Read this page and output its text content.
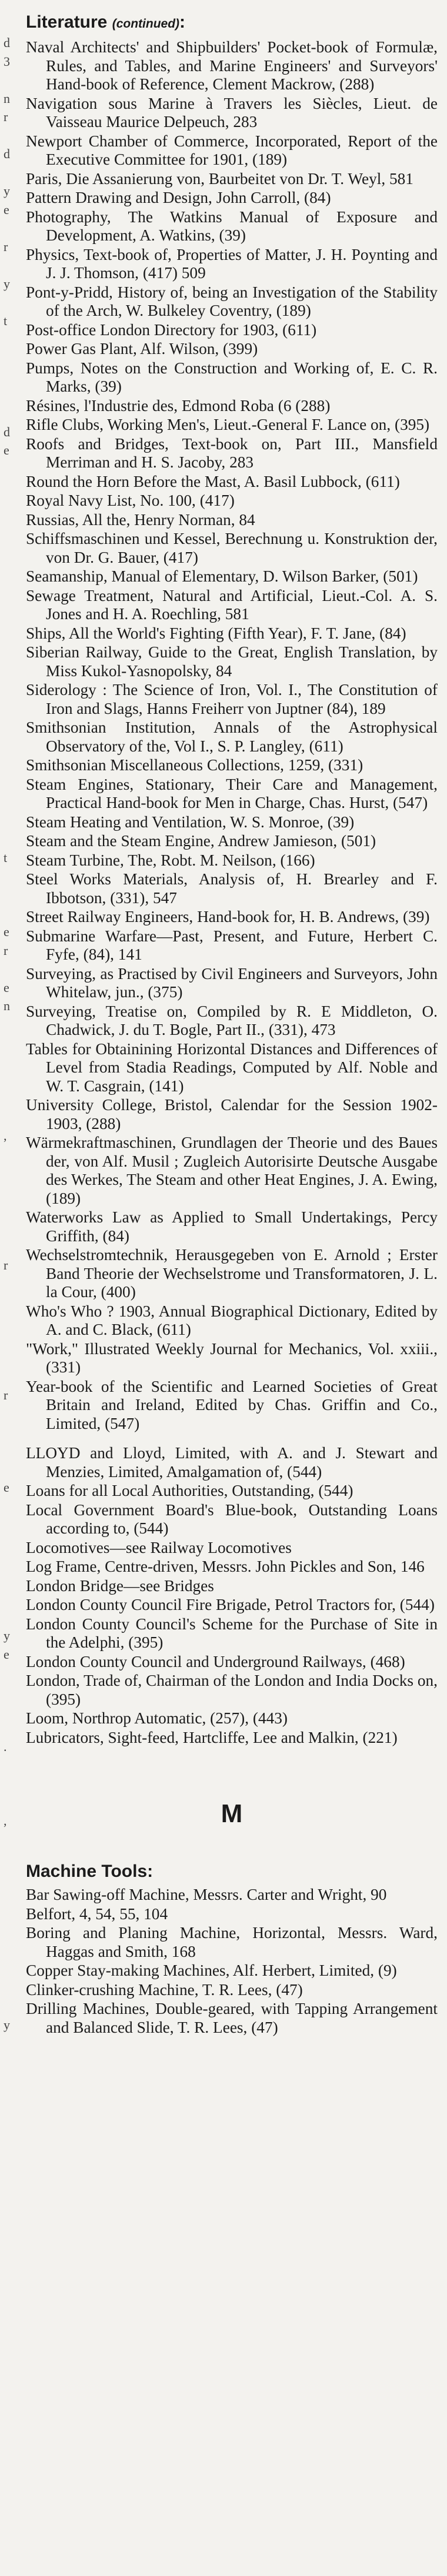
d
3
n
r
d
y
e
r
y
t
d
e
t
e
r
e
n
,
r
r
e
y
e
.
,
y
Literature (continued):

Naval Architects' and Shipbuilders' Pocket-book of Formulæ, Rules, and Tables, and Marine Engineers' and Surveyors' Hand-book of Reference, Clement Mackrow, (288)

Navigation sous Marine à Travers les Siècles, Lieut. de Vaisseau Maurice Delpeuch, 283

Newport Chamber of Commerce, Incorporated, Report of the Executive Committee for 1901, (189)

Paris, Die Assanierung von, Baurbeitet von Dr. T. Weyl, 581

Pattern Drawing and Design, John Carroll, (84)

Photography, The Watkins Manual of Exposure and Development, A. Watkins, (39)

Physics, Text-book of, Properties of Matter, J. H. Poynting and J. J. Thomson, (417) 509

Pont-y-Pridd, History of, being an Investigation of the Stability of the Arch, W. Bulkeley Coventry, (189)

Post-office London Directory for 1903, (611)

Power Gas Plant, Alf. Wilson, (399)

Pumps, Notes on the Construction and Working of, E. C. R. Marks, (39)

Résines, l'Industrie des, Edmond Roba (6 (288)

Rifle Clubs, Working Men's, Lieut.-General F. Lance on, (395)

Roofs and Bridges, Text-book on, Part III., Mansfield Merriman and H. S. Jacoby, 283

Round the Horn Before the Mast, A. Basil Lubbock, (611)

Royal Navy List, No. 100, (417)

Russias, All the, Henry Norman, 84

Schiffsmaschinen und Kessel, Berechnung u. Konstruktion der, von Dr. G. Bauer, (417)

Seamanship, Manual of Elementary, D. Wilson Barker, (501)

Sewage Treatment, Natural and Artificial, Lieut.-Col. A. S. Jones and H. A. Roechling, 581

Ships, All the World's Fighting (Fifth Year), F. T. Jane, (84)

Siberian Railway, Guide to the Great, English Translation, by Miss Kukol-Yasnopolsky, 84

Siderology : The Science of Iron, Vol. I., The Constitution of Iron and Slags, Hanns Freiherr von Juptner (84), 189

Smithsonian Institution, Annals of the Astrophysical Observatory of the, Vol I., S. P. Langley, (611)

Smithsonian Miscellaneous Collections, 1259, (331)

Steam Engines, Stationary, Their Care and Management, Practical Hand-book for Men in Charge, Chas. Hurst, (547)

Steam Heating and Ventilation, W. S. Monroe, (39)

Steam and the Steam Engine, Andrew Jamieson, (501)

Steam Turbine, The, Robt. M. Neilson, (166)

Steel Works Materials, Analysis of, H. Brearley and F. Ibbotson, (331), 547

Street Railway Engineers, Hand-book for, H. B. Andrews, (39)

Submarine Warfare—Past, Present, and Future, Herbert C. Fyfe, (84), 141

Surveying, as Practised by Civil Engineers and Surveyors, John Whitelaw, jun., (375)

Surveying, Treatise on, Compiled by R. E Middleton, O. Chadwick, J. du T. Bogle, Part II., (331), 473

Tables for Obtainining Horizontal Distances and Differences of Level from Stadia Readings, Computed by Alf. Noble and W. T. Casgrain, (141)

University College, Bristol, Calendar for the Session 1902-1903, (288)

Wärmekraftmaschinen, Grundlagen der Theorie und des Baues der, von Alf. Musil ; Zugleich Autorisirte Deutsche Ausgabe des Werkes, The Steam and other Heat Engines, J. A. Ewing, (189)

Waterworks Law as Applied to Small Undertakings, Percy Griffith, (84)

Wechselstromtechnik, Herausgegeben von E. Arnold ; Erster Band Theorie der Wechselstrome und Transformatoren, J. L. la Cour, (400)

Who's Who ? 1903, Annual Biographical Dictionary, Edited by A. and C. Black, (611)

"Work," Illustrated Weekly Journal for Mechanics, Vol. xxiii., (331)

Year-book of the Scientific and Learned Societies of Great Britain and Ireland, Edited by Chas. Griffin and Co., Limited, (547)

LLOYD and Lloyd, Limited, with A. and J. Stewart and Menzies, Limited, Amalgamation of, (544)

Loans for all Local Authorities, Outstanding, (544)

Local Government Board's Blue-book, Outstanding Loans according to, (544)

Locomotives—see Railway Locomotives

Log Frame, Centre-driven, Messrs. John Pickles and Son, 146

London Bridge—see Bridges

London County Council Fire Brigade, Petrol Tractors for, (544)

London County Council's Scheme for the Purchase of Site in the Adelphi, (395)

London County Council and Underground Railways, (468)

London, Trade of, Chairman of the London and India Docks on, (395)

Loom, Northrop Automatic, (257), (443)

Lubricators, Sight-feed, Hartcliffe, Lee and Malkin, (221)

M
Machine Tools:

Bar Sawing-off Machine, Messrs. Carter and Wright, 90

Belfort, 4, 54, 55, 104

Boring and Planing Machine, Horizontal, Messrs. Ward, Haggas and Smith, 168

Copper Stay-making Machines, Alf. Herbert, Limited, (9)

Clinker-crushing Machine, T. R. Lees, (47)

Drilling Machines, Double-geared, with Tapping Arrangement and Balanced Slide, T. R. Lees, (47)
